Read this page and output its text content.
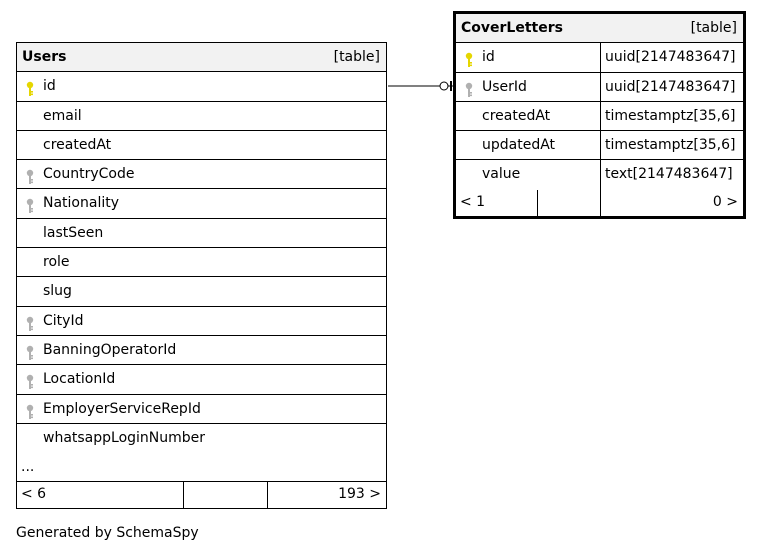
Users	[table]
id
email
createdAt
CountryCode
Nationality
lastSeen
role
slug
CityId
BanningOperatorId
LocationId
EmployerServiceRepId
whatsappLoginNumber
...
< 6	193 >
CoverLetters	[table]
id	uuid[2147483647]
UserId	uuid[2147483647]
createdAt	timestamptz[35,6]
updatedAt	timestamptz[35,6]
value	text[2147483647]
< 1	0 >
Generated by SchemaSpy
